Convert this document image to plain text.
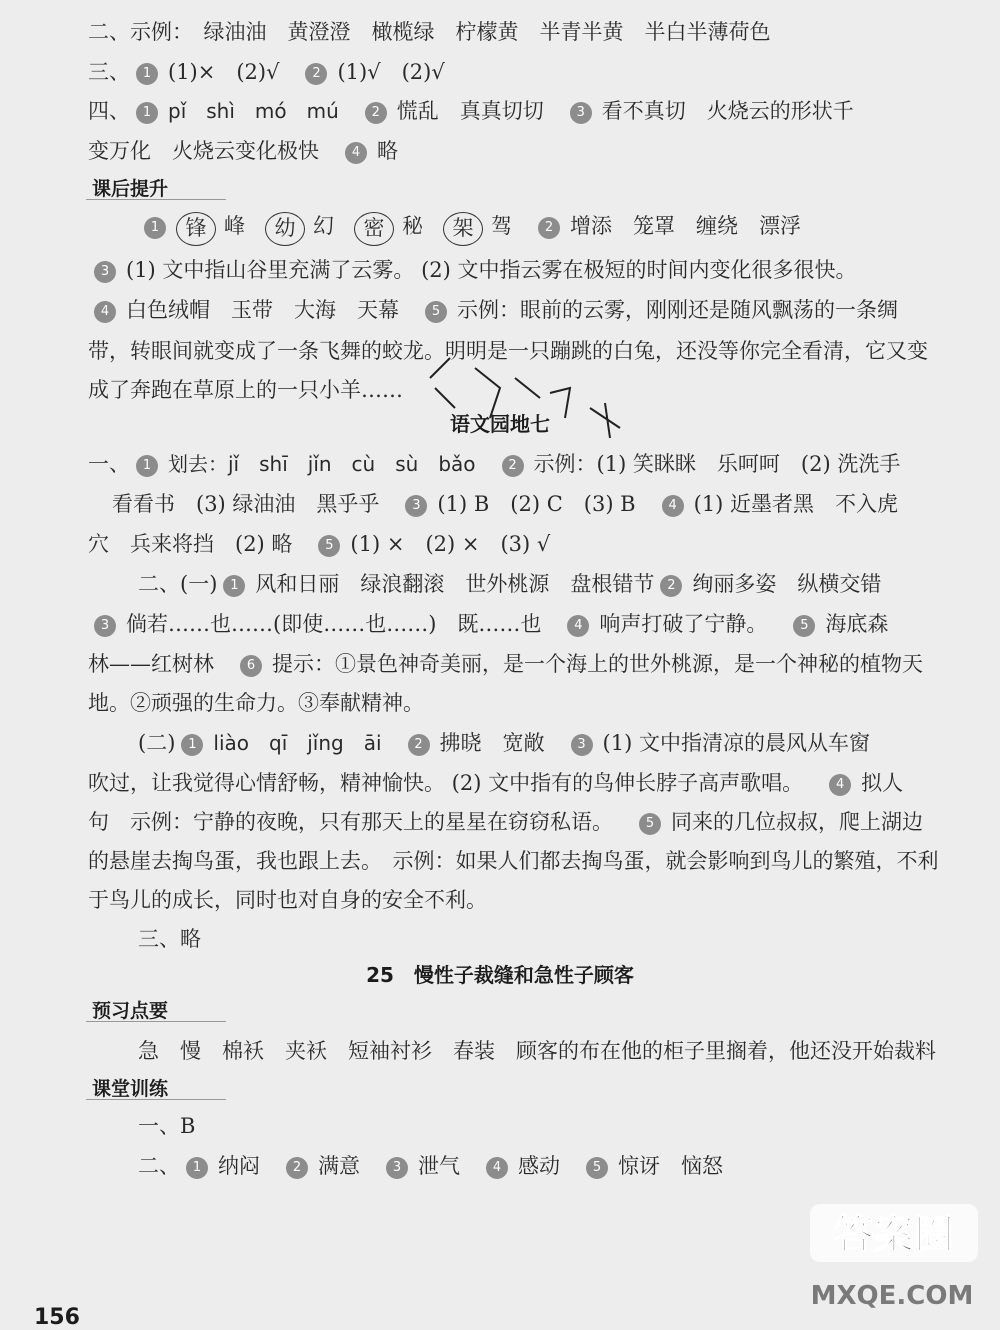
二、示例：　绿油油　黄澄澄　橄榄绿　柠檬黄　半青半黄　半白半薄荷色
三、 1 (1)×　(2)√	2 (1)√　(2)√
四、 1 pǐ　shì　mó　mú	2 慌乱　真真切切	3 看不真切　火烧云的形状千
变万化　火烧云变化极快	4 略
课后提升
1 锋 峰 幼 幻 密 秘 架 驾	2 增添　笼罩　缠绕　漂浮
3 (1) 文中指山谷里充满了云雾。 (2) 文中指云雾在极短的时间内变化很多很快。
4 白色绒帽　玉带　大海　天幕	5 示例：眼前的云雾，刚刚还是随风飘荡的一条绸
带，转眼间就变成了一条飞舞的蛟龙。明明是一只蹦跳的白兔，还没等你完全看清，它又变
成了奔跑在草原上的一只小羊……
语文园地七
一、 1 划去：jǐ　shī　jǐn　cù　sù　bǎo	2 示例：(1) 笑眯眯　乐呵呵　(2) 洗洗手
看看书　(3) 绿油油　黑乎乎	3 (1) B　(2) C　(3) B	4 (1) 近墨者黑　不入虎
穴　兵来将挡　(2) 略	5 (1) ×　(2) ×　(3) √
二、(一) 1 风和日丽　绿浪翻滚　世外桃源　盘根错节 2 绚丽多姿　纵横交错
3 倘若……也……(即使……也……)　既……也	4 响声打破了宁静。	5 海底森
林——红树林	6 提示：①景色神奇美丽，是一个海上的世外桃源，是一个神秘的植物天
地。②顽强的生命力。③奉献精神。
(二) 1 liào　qī　jǐng　āi	2 拂晓　宽敞	3 (1) 文中指清凉的晨风从车窗
吹过，让我觉得心情舒畅，精神愉快。 (2) 文中指有的鸟伸长脖子高声歌唱。	4 拟人
句　示例：宁静的夜晚，只有那天上的星星在窃窃私语。	5 同来的几位叔叔，爬上湖边
的悬崖去掏鸟蛋，我也跟上去。　示例：如果人们都去掏鸟蛋，就会影响到鸟儿的繁殖，不利
于鸟儿的成长，同时也对自身的安全不利。
三、略
25　慢性子裁缝和急性子顾客
预习点要
急　慢　棉袄　夹袄　短袖衬衫　春装　顾客的布在他的柜子里搁着，他还没开始裁料
课堂训练
一、B
二、 1 纳闷	2 满意	3 泄气	4 感动	5 惊讶　恼怒
156
答案圈
MXQE.COM
